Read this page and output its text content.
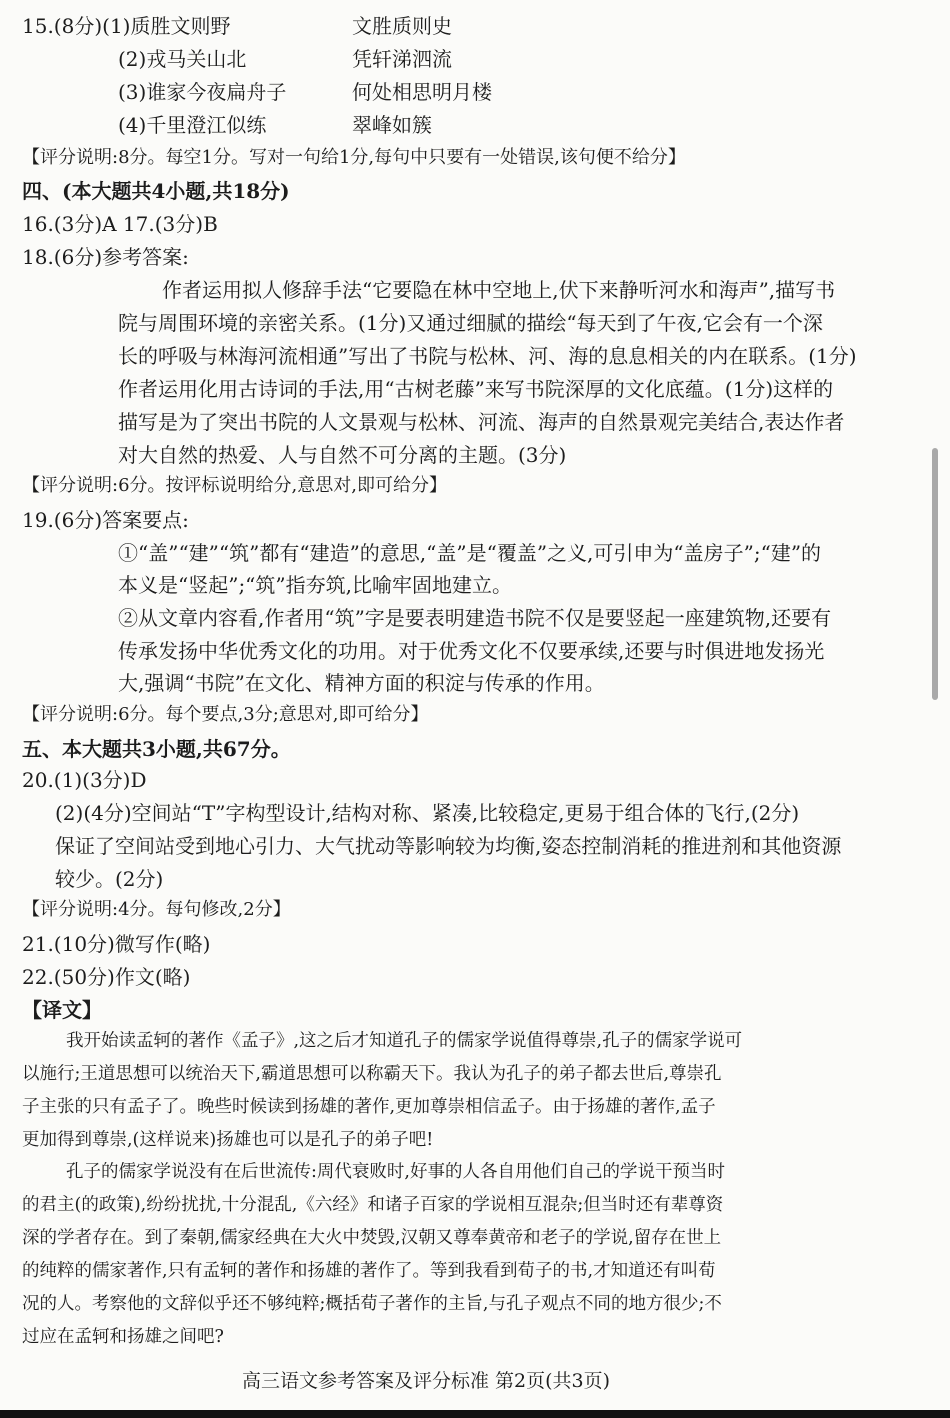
15.(8分)(1)质胜文则野	文胜质则史
(2)戎马关山北	凭轩涕泗流
(3)谁家今夜扁舟子	何处相思明月楼
(4)千里澄江似练	翠峰如簇
【评分说明:8分。每空1分。写对一句给1分,每句中只要有一处错误,该句便不给分】
四、(本大题共4小题,共18分)
16.(3分)A 17.(3分)B
18.(6分)参考答案:
作者运用拟人修辞手法“它要隐在林中空地上,伏下来静听河水和海声”,描写书
院与周围环境的亲密关系。(1分)又通过细腻的描绘“每天到了午夜,它会有一个深
长的呼吸与林海河流相通”写出了书院与松林、河、海的息息相关的内在联系。(1分)
作者运用化用古诗词的手法,用“古树老藤”来写书院深厚的文化底蕴。(1分)这样的
描写是为了突出书院的人文景观与松林、河流、海声的自然景观完美结合,表达作者
对大自然的热爱、人与自然不可分离的主题。(3分)
【评分说明:6分。按评标说明给分,意思对,即可给分】
19.(6分)答案要点:
①“盖”“建”“筑”都有“建造”的意思,“盖”是“覆盖”之义,可引申为“盖房子”;“建”的
本义是“竖起”;“筑”指夯筑,比喻牢固地建立。
②从文章内容看,作者用“筑”字是要表明建造书院不仅是要竖起一座建筑物,还要有
传承发扬中华优秀文化的功用。对于优秀文化不仅要承续,还要与时俱进地发扬光
大,强调“书院”在文化、精神方面的积淀与传承的作用。
【评分说明:6分。每个要点,3分;意思对,即可给分】
五、本大题共3小题,共67分。
20.(1)(3分)D
(2)(4分)空间站“T”字构型设计,结构对称、紧凑,比较稳定,更易于组合体的飞行,(2分)
保证了空间站受到地心引力、大气扰动等影响较为均衡,姿态控制消耗的推进剂和其他资源
较少。(2分)
【评分说明:4分。每句修改,2分】
21.(10分)微写作(略)
22.(50分)作文(略)
【译文】
我开始读孟轲的著作《孟子》,这之后才知道孔子的儒家学说值得尊崇,孔子的儒家学说可
以施行;王道思想可以统治天下,霸道思想可以称霸天下。我认为孔子的弟子都去世后,尊崇孔
子主张的只有孟子了。晚些时候读到扬雄的著作,更加尊崇相信孟子。由于扬雄的著作,孟子
更加得到尊崇,(这样说来)扬雄也可以是孔子的弟子吧!
孔子的儒家学说没有在后世流传:周代衰败时,好事的人各自用他们自己的学说干预当时
的君主(的政策),纷纷扰扰,十分混乱,《六经》和诸子百家的学说相互混杂;但当时还有辈尊资
深的学者存在。到了秦朝,儒家经典在大火中焚毁,汉朝又尊奉黄帝和老子的学说,留存在世上
的纯粹的儒家著作,只有孟轲的著作和扬雄的著作了。等到我看到荀子的书,才知道还有叫荀
况的人。考察他的文辞似乎还不够纯粹;概括荀子著作的主旨,与孔子观点不同的地方很少;不
过应在孟轲和扬雄之间吧?
高三语文参考答案及评分标准 第2页(共3页)
